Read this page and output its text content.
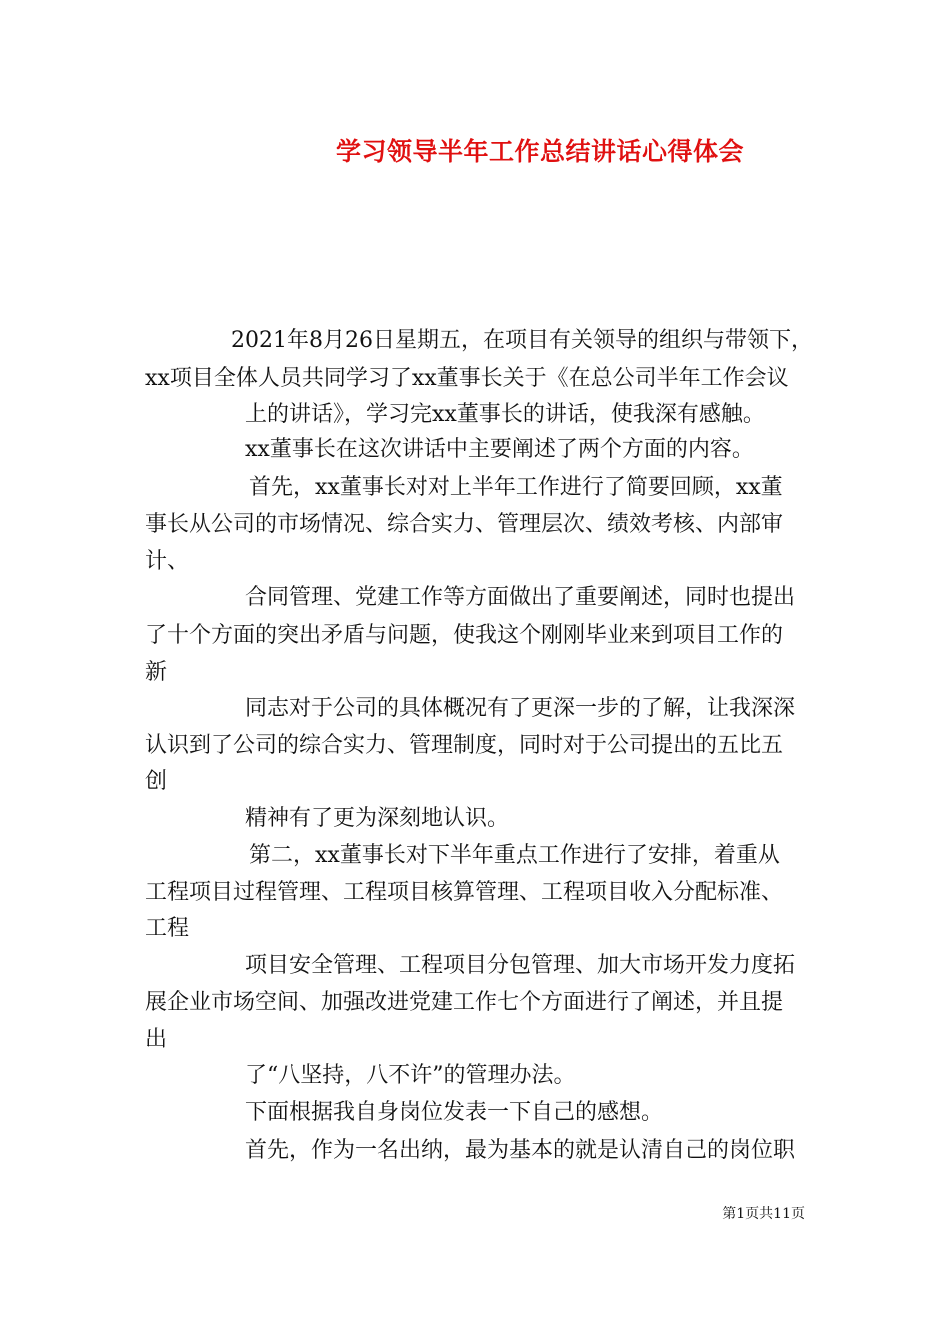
学习领导半年工作总结讲话心得体会
2021年8月26日星期五，在项目有关领导的组织与带领下，
xx项目全体人员共同学习了xx董事长关于《在总公司半年工作会议
上的讲话》，学习完xx董事长的讲话，使我深有感触。
xx董事长在这次讲话中主要阐述了两个方面的内容。
首先，xx董事长对对上半年工作进行了简要回顾，xx董
事长从公司的市场情况、综合实力、管理层次、绩效考核、内部审
计、
合同管理、党建工作等方面做出了重要阐述，同时也提出
了十个方面的突出矛盾与问题，使我这个刚刚毕业来到项目工作的
新
同志对于公司的具体概况有了更深一步的了解，让我深深
认识到了公司的综合实力、管理制度，同时对于公司提出的五比五
创
精神有了更为深刻地认识。
第二，xx董事长对下半年重点工作进行了安排，着重从
工程项目过程管理、工程项目核算管理、工程项目收入分配标准、
工程
项目安全管理、工程项目分包管理、加大市场开发力度拓
展企业市场空间、加强改进党建工作七个方面进行了阐述，并且提
出
了“八坚持，八不许”的管理办法。
下面根据我自身岗位发表一下自己的感想。
首先，作为一名出纳，最为基本的就是认清自己的岗位职
第1页共11页
